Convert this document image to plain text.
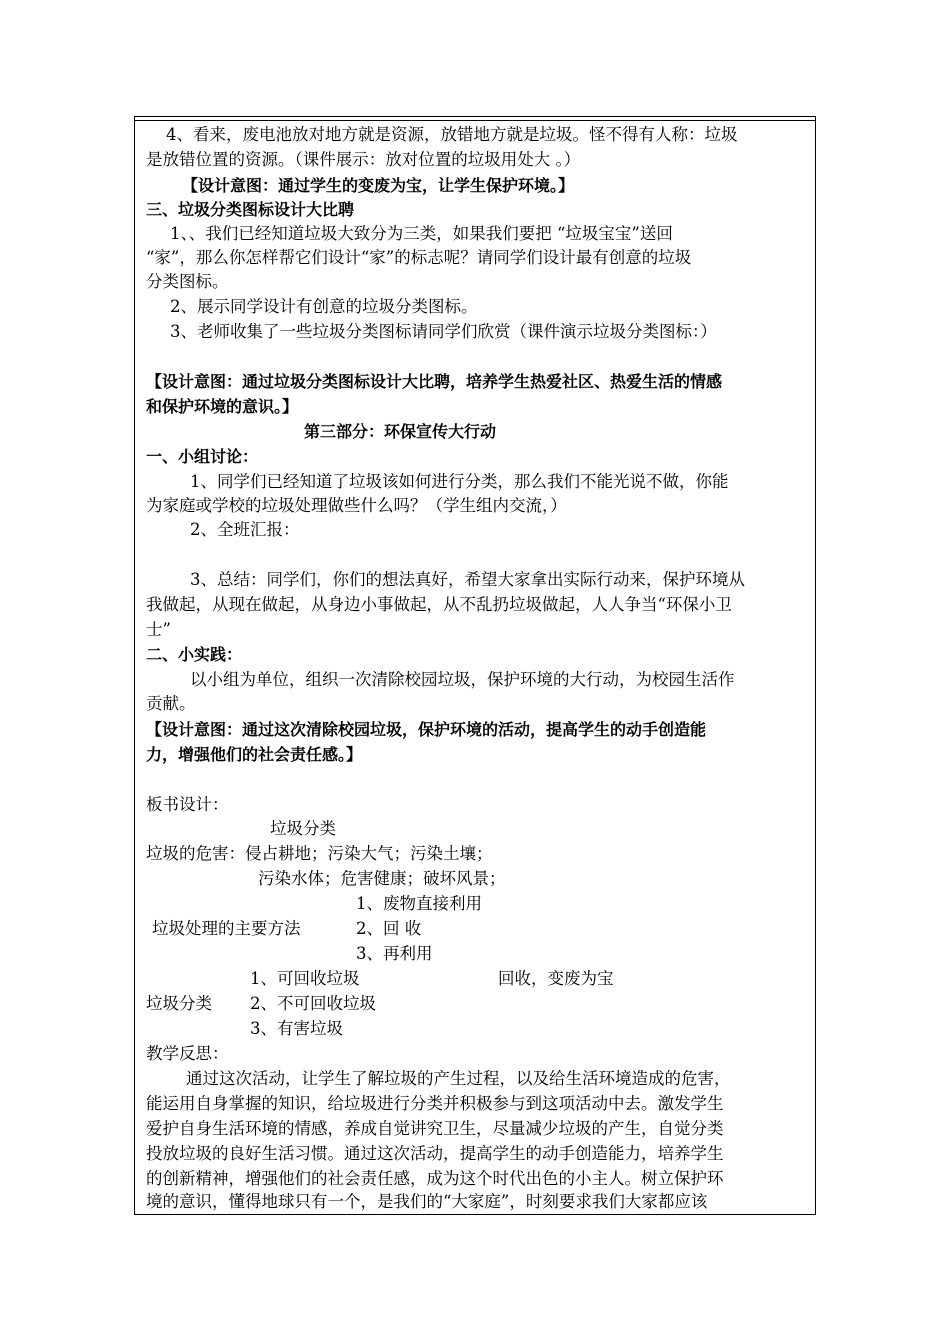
4、看来，废电池放对地方就是资源，放错地方就是垃圾。怪不得有人称：垃圾
是放错位置的资源。（课件展示：放对位置的垃圾用处大 。）
【设计意图：通过学生的变废为宝，让学生保护环境。】
三、垃圾分类图标设计大比聘
1、、我们已经知道垃圾大致分为三类，如果我们要把 “垃圾宝宝”送回
“家”，那么你怎样帮它们设计“家”的标志呢？请同学们设计最有创意的垃圾
分类图标。
2、展示同学设计有创意的垃圾分类图标。
3、老师收集了一些垃圾分类图标请同学们欣赏（课件演示垃圾分类图标：）
【设计意图：通过垃圾分类图标设计大比聘，培养学生热爱社区、热爱生活的情感
和保护环境的意识。】
第三部分：环保宣传大行动
一、小组讨论：
1、同学们已经知道了垃圾该如何进行分类，那么我们不能光说不做，你能
为家庭或学校的垃圾处理做些什么吗？（学生组内交流，）
2、全班汇报：
3、总结：同学们，你们的想法真好，希望大家拿出实际行动来，保护环境从
我做起，从现在做起，从身边小事做起，从不乱扔垃圾做起，人人争当“环保小卫
士”
二、小实践：
以小组为单位，组织一次清除校园垃圾，保护环境的大行动，为校园生活作
贡献。
【设计意图：通过这次清除校园垃圾，保护环境的活动，提高学生的动手创造能
力，增强他们的社会责任感。】
板书设计：
垃圾分类
垃圾的危害：侵占耕地；污染大气；污染土壤；
污染水体；危害健康；破坏风景；
1、废物直接利用
垃圾处理的主要方法	2、回 收
3、再利用
1、可回收垃圾	回收，变废为宝
垃圾分类 2、不可回收垃圾
3、有害垃圾
教学反思：
通过这次活动，让学生了解垃圾的产生过程，以及给生活环境造成的危害，
能运用自身掌握的知识，给垃圾进行分类并积极参与到这项活动中去。激发学生
爱护自身生活环境的情感，养成自觉讲究卫生，尽量减少垃圾的产生，自觉分类
投放垃圾的良好生活习惯。通过这次活动，提高学生的动手创造能力，培养学生
的创新精神，增强他们的社会责任感，成为这个时代出色的小主人。树立保护环
境的意识，懂得地球只有一个，是我们的“大家庭”，时刻要求我们大家都应该
